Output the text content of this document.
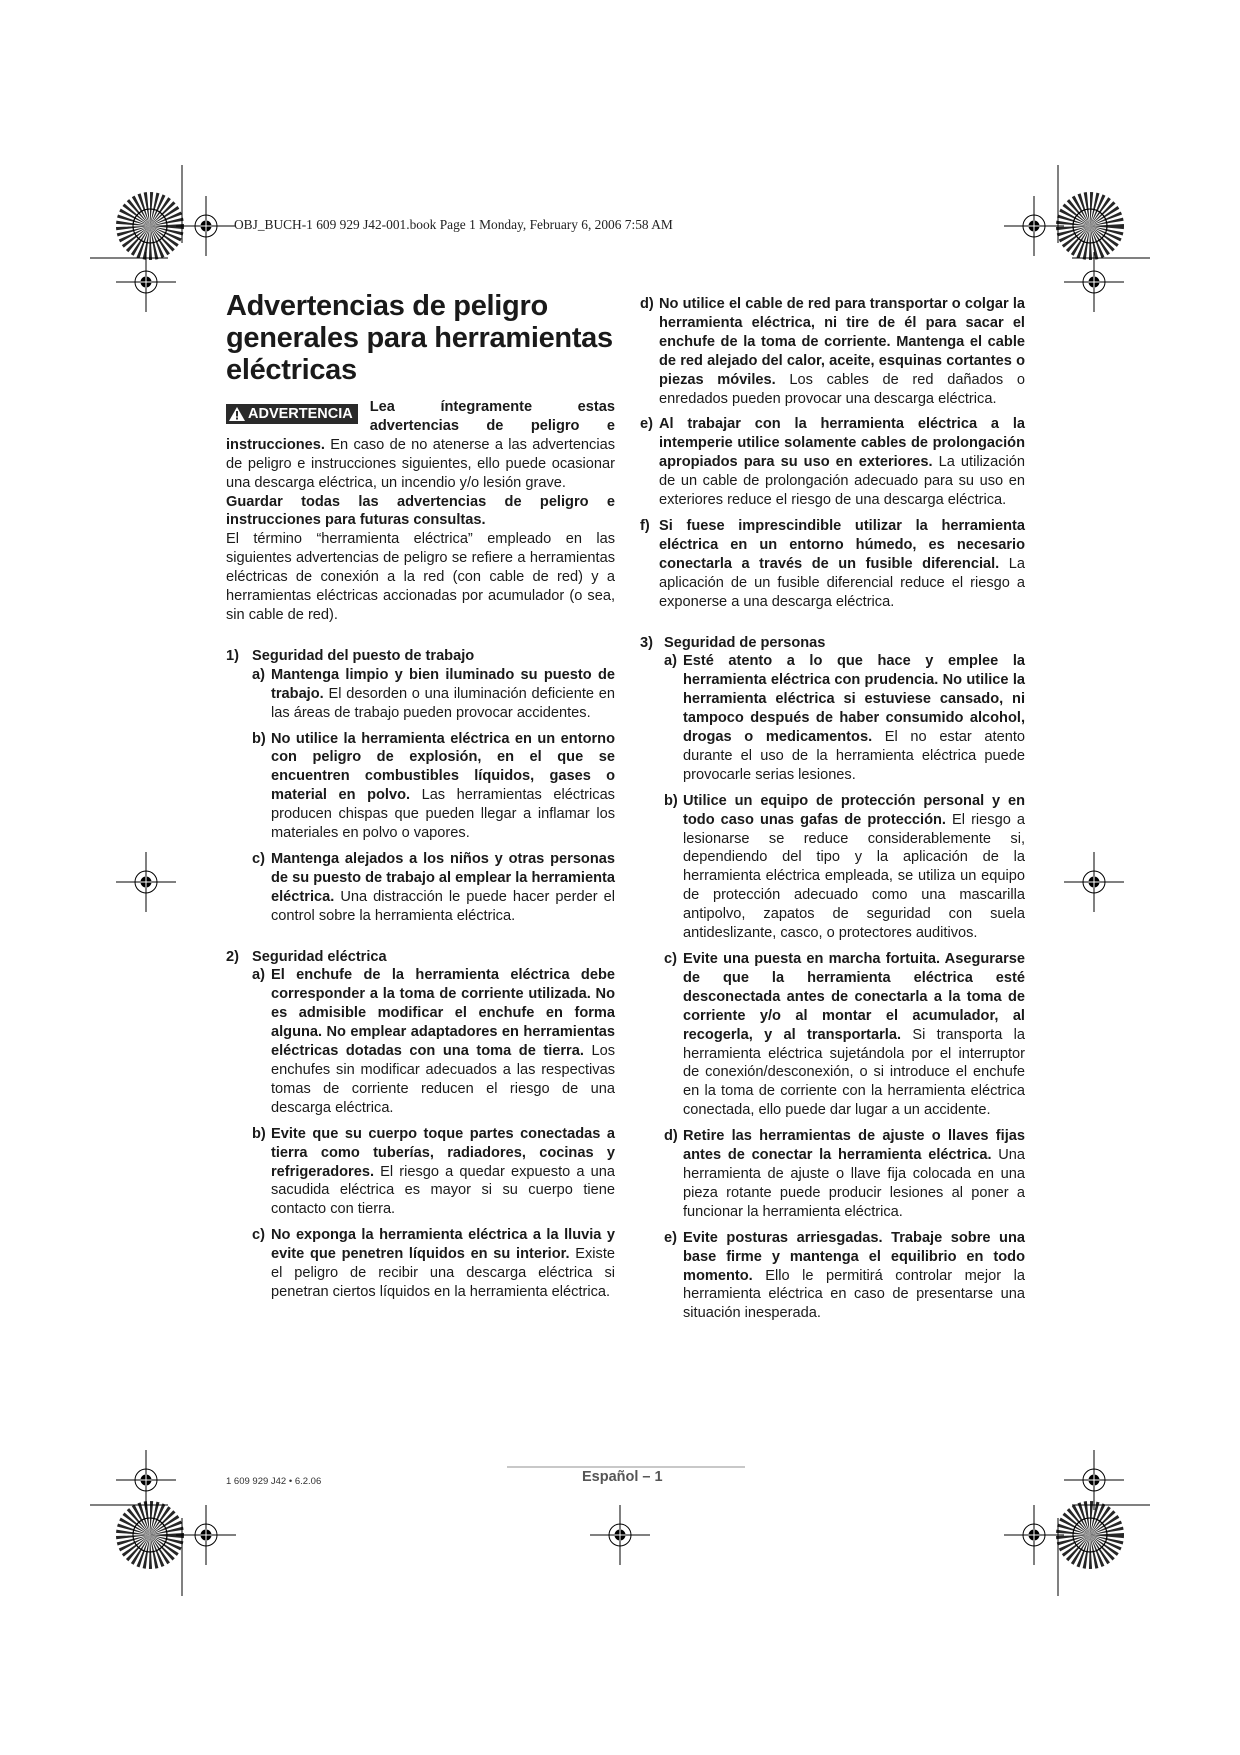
OBJ_BUCH-1 609 929 J42-001.book Page 1 Monday, February 6, 2006 7:58 AM
Advertencias de peligro generales para herramientas eléctricas

ADVERTENCIA Lea íntegramente estas advertencias de peligro e instrucciones. En caso de no atenerse a las advertencias de peligro e instrucciones siguientes, ello puede ocasionar una descarga eléctrica, un incendio y/o lesión grave.

Guardar todas las advertencias de peligro e instrucciones para futuras consultas.

El término “herramienta eléctrica” empleado en las siguientes advertencias de peligro se refiere a herramientas eléctricas de conexión a la red (con cable de red) y a herramientas eléctricas accionadas por acumulador (o sea, sin cable de red).

1) Seguridad del puesto de trabajo
a) Mantenga limpio y bien iluminado su puesto de trabajo. El desorden o una iluminación deficiente en las áreas de trabajo pueden provocar accidentes.
b) No utilice la herramienta eléctrica en un entorno con peligro de explosión, en el que se encuentren combustibles líquidos, gases o material en polvo. Las herramientas eléctricas producen chispas que pueden llegar a inflamar los materiales en polvo o vapores.
c) Mantenga alejados a los niños y otras personas de su puesto de trabajo al emplear la herramienta eléctrica. Una distracción le puede hacer perder el control sobre la herramienta eléctrica.
2) Seguridad eléctrica
a) El enchufe de la herramienta eléctrica debe corresponder a la toma de corriente utilizada. No es admisible modificar el enchufe en forma alguna. No emplear adaptadores en herramientas eléctricas dotadas con una toma de tierra. Los enchufes sin modificar adecuados a las respectivas tomas de corriente reducen el riesgo de una descarga eléctrica.
b) Evite que su cuerpo toque partes conectadas a tierra como tuberías, radiadores, cocinas y refrigeradores. El riesgo a quedar expuesto a una sacudida eléctrica es mayor si su cuerpo tiene contacto con tierra.
c) No exponga la herramienta eléctrica a la lluvia y evite que penetren líquidos en su interior. Existe el peligro de recibir una descarga eléctrica si penetran ciertos líquidos en la herramienta eléctrica.
d) No utilice el cable de red para transportar o colgar la herramienta eléctrica, ni tire de él para sacar el enchufe de la toma de corriente. Mantenga el cable de red alejado del calor, aceite, esquinas cortantes o piezas móviles. Los cables de red dañados o enredados pueden provocar una descarga eléctrica.
e) Al trabajar con la herramienta eléctrica a la intemperie utilice solamente cables de prolongación apropiados para su uso en exteriores. La utilización de un cable de prolongación adecuado para su uso en exteriores reduce el riesgo de una descarga eléctrica.
f) Si fuese imprescindible utilizar la herramienta eléctrica en un entorno húmedo, es necesario conectarla a través de un fusible diferencial. La aplicación de un fusible diferencial reduce el riesgo a exponerse a una descarga eléctrica.
3) Seguridad de personas
a) Esté atento a lo que hace y emplee la herramienta eléctrica con prudencia. No utilice la herramienta eléctrica si estuviese cansado, ni tampoco después de haber consumido alcohol, drogas o medicamentos. El no estar atento durante el uso de la herramienta eléctrica puede provocarle serias lesiones.
b) Utilice un equipo de protección personal y en todo caso unas gafas de protección. El riesgo a lesionarse se reduce considerablemente si, dependiendo del tipo y la aplicación de la herramienta eléctrica empleada, se utiliza un equipo de protección adecuado como una mascarilla antipolvo, zapatos de seguridad con suela antideslizante, casco, o protectores auditivos.
c) Evite una puesta en marcha fortuita. Asegurarse de que la herramienta eléctrica esté desconectada antes de conectarla a la toma de corriente y/o al montar el acumulador, al recogerla, y al transportarla. Si transporta la herramienta eléctrica sujetándola por el interruptor de conexión/desconexión, o si introduce el enchufe en la toma de corriente con la herramienta eléctrica conectada, ello puede dar lugar a un accidente.
d) Retire las herramientas de ajuste o llaves fijas antes de conectar la herramienta eléctrica. Una herramienta de ajuste o llave fija colocada en una pieza rotante puede producir lesiones al poner a funcionar la herramienta eléctrica.
e) Evite posturas arriesgadas. Trabaje sobre una base firme y mantenga el equilibrio en todo momento. Ello le permitirá controlar mejor la herramienta eléctrica en caso de presentarse una situación inesperada.
1 609 929 J42 • 6.2.06	Español – 1
